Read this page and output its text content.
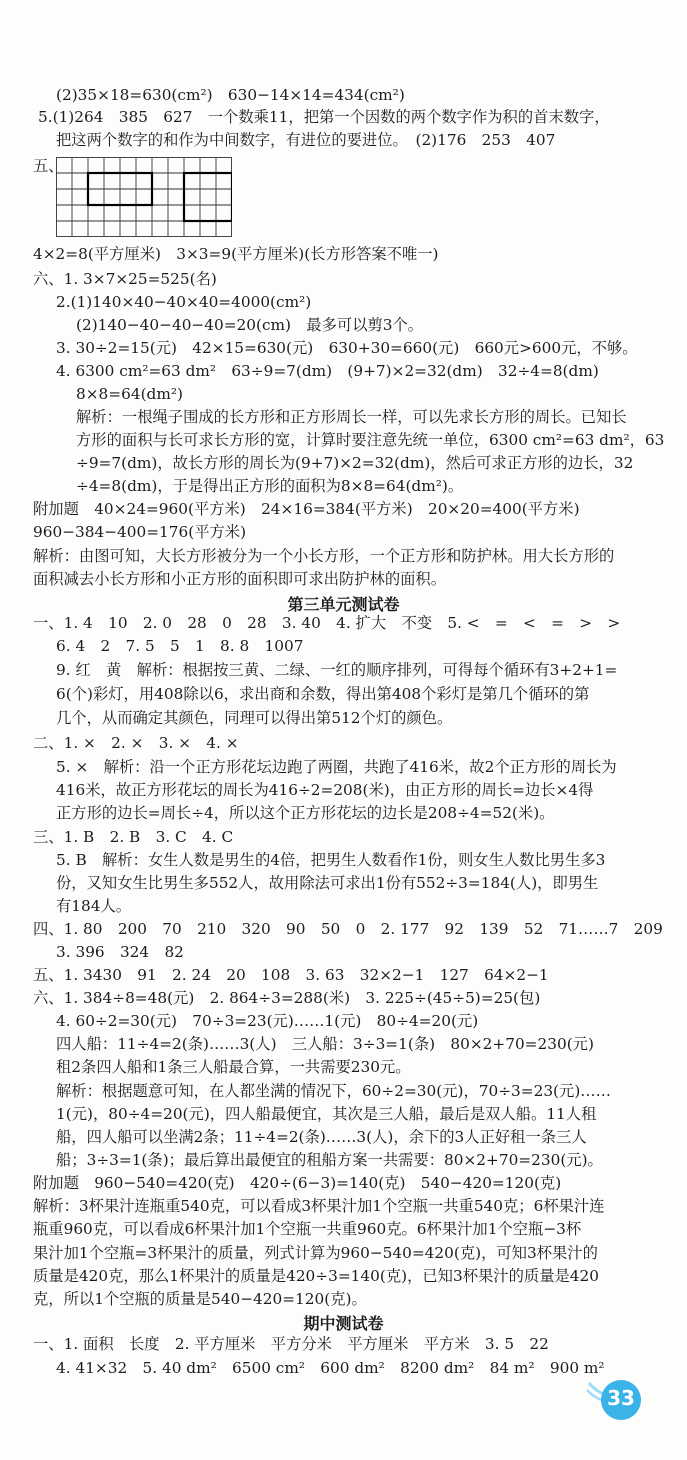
(2)35×18=630(cm²)　630−14×14=434(cm²)
5.(1)264　385　627　一个数乘11，把第一个因数的两个数字作为积的首末数字，
把这两个数字的和作为中间数字，有进位的要进位。　(2)176　253　407
五、
4×2=8(平方厘米)　3×3=9(平方厘米)(长方形答案不唯一)
六、1. 3×7×25=525(名)
2.(1)140×40−40×40=4000(cm²)
(2)140−40−40−40=20(cm)　最多可以剪3个。
3. 30÷2=15(元)　42×15=630(元)　630+30=660(元)　660元>600元，不够。
4. 6300 cm²=63 dm²　63÷9=7(dm)　(9+7)×2=32(dm)　32÷4=8(dm)
8×8=64(dm²)
解析：一根绳子围成的长方形和正方形周长一样，可以先求长方形的周长。已知长
方形的面积与长可求长方形的宽，计算时要注意先统一单位，6300 cm²=63 dm²，63
÷9=7(dm)，故长方形的周长为(9+7)×2=32(dm)，然后可求正方形的边长，32
÷4=8(dm)，于是得出正方形的面积为8×8=64(dm²)。
附加题　40×24=960(平方米)　24×16=384(平方米)　20×20=400(平方米)
960−384−400=176(平方米)
解析：由图可知，大长方形被分为一个小长方形，一个正方形和防护林。用大长方形的
面积减去小长方形和小正方形的面积即可求出防护林的面积。
第三单元测试卷
一、1. 4　10　2. 0　28　0　28　3. 40　4. 扩大　不变　5. <　=　<　=　>　>
6. 4　2　7. 5　5　1　8. 8　1007
9. 红　黄　解析：根据按三黄、二绿、一红的顺序排列，可得每个循环有3+2+1=
6(个)彩灯，用408除以6，求出商和余数，得出第408个彩灯是第几个循环的第
几个，从而确定其颜色，同理可以得出第512个灯的颜色。
二、1. ×　2. ×　3. ×　4. ×
5. ×　解析：沿一个正方形花坛边跑了两圈，共跑了416米，故2个正方形的周长为
416米，故正方形花坛的周长为416÷2=208(米)，由正方形的周长=边长×4得
正方形的边长=周长÷4，所以这个正方形花坛的边长是208÷4=52(米)。
三、1. B　2. B　3. C　4. C
5. B　解析：女生人数是男生的4倍，把男生人数看作1份，则女生人数比男生多3
份，又知女生比男生多552人，故用除法可求出1份有552÷3=184(人)，即男生
有184人。
四、1. 80　200　70　210　320　90　50　0　2. 177　92　139　52　71……7　209
3. 396　324　82
五、1. 3430　91　2. 24　20　108　3. 63　32×2−1　127　64×2−1
六、1. 384÷8=48(元)　2. 864÷3=288(米)　3. 225÷(45÷5)=25(包)
4. 60÷2=30(元)　70÷3=23(元)……1(元)　80÷4=20(元)
四人船：11÷4=2(条)……3(人)　三人船：3÷3=1(条)　80×2+70=230(元)
租2条四人船和1条三人船最合算，一共需要230元。
解析：根据题意可知，在人都坐满的情况下，60÷2=30(元)，70÷3=23(元)……
1(元)，80÷4=20(元)，四人船最便宜，其次是三人船，最后是双人船。11人租
船，四人船可以坐满2条；11÷4=2(条)……3(人)，余下的3人正好租一条三人
船；3÷3=1(条)；最后算出最便宜的租船方案一共需要：80×2+70=230(元)。
附加题　960−540=420(克)　420÷(6−3)=140(克)　540−420=120(克)
解析：3杯果汁连瓶重540克，可以看成3杯果汁加1个空瓶一共重540克；6杯果汁连
瓶重960克，可以看成6杯果汁加1个空瓶一共重960克。6杯果汁加1个空瓶−3杯
果汁加1个空瓶=3杯果汁的质量，列式计算为960−540=420(克)，可知3杯果汁的
质量是420克，那么1杯果汁的质量是420÷3=140(克)，已知3杯果汁的质量是420
克，所以1个空瓶的质量是540−420=120(克)。
期中测试卷
一、1. 面积　长度　2. 平方厘米　平方分米　平方厘米　平方米　3. 5　22
4. 41×32　5. 40 dm²　6500 cm²　600 dm²　8200 dm²　84 m²　900 m²
33
